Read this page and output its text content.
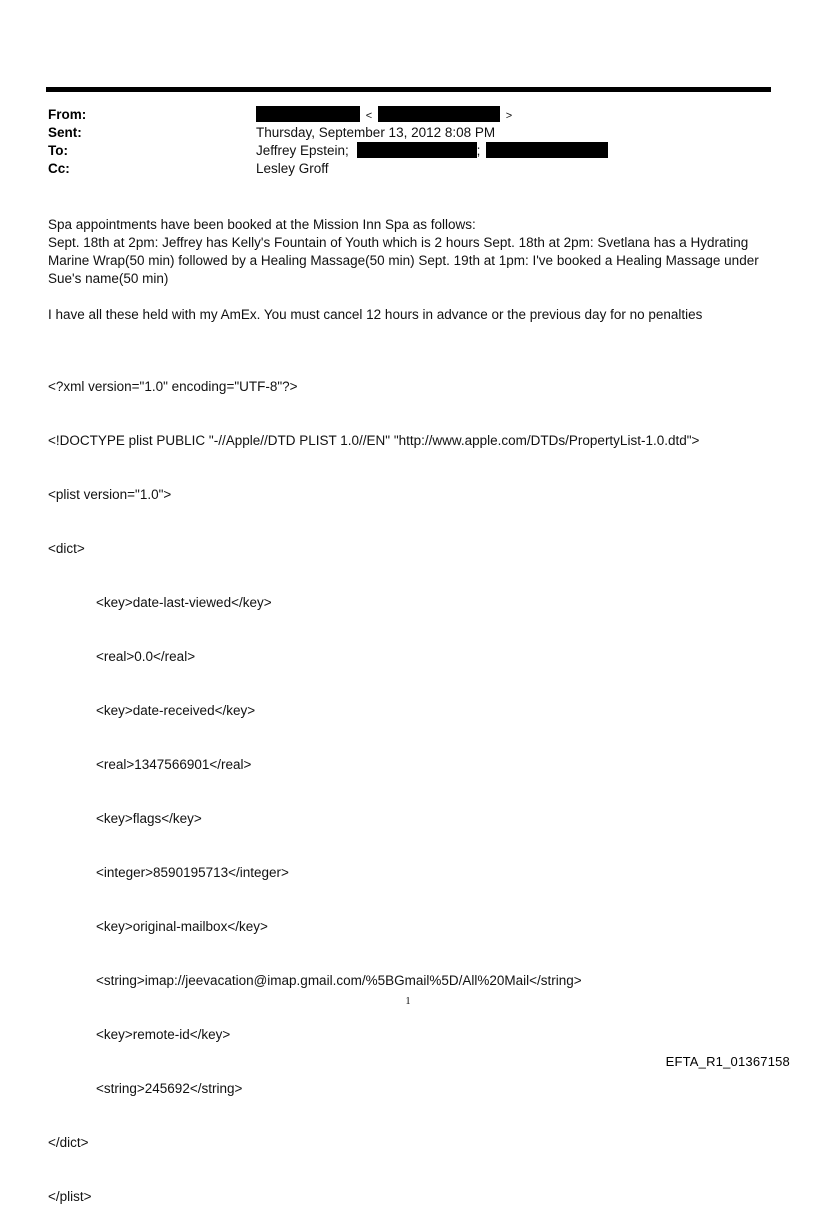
From:
Sent:
To:
Cc:
<	>
Thursday, September 13, 2012 8:08 PM
Jeffrey Epstein;	;
Lesley Groff

Spa appointments have been booked at the Mission Inn Spa as follows:

Sept. 18th at 2pm: Jeffrey has Kelly's Fountain of Youth which is 2 hours Sept. 18th at 2pm: Svetlana has a Hydrating Marine Wrap(50 min) followed by a Healing Massage(50 min) Sept. 19th at 1pm: I've booked a Healing Massage under Sue's name(50 min)

I have all these held with my AmEx. You must cancel 12 hours in advance or the previous day for no penalties

<?xml version="1.0" encoding="UTF-8"?>

<!DOCTYPE plist PUBLIC "-//Apple//DTD PLIST 1.0//EN" "http://www.apple.com/DTDs/PropertyList-1.0.dtd">

<plist version="1.0">

<dict>

<key>date-last-viewed</key>

<real>0.0</real>

<key>date-received</key>

<real>1347566901</real>

<key>flags</key>

<integer>8590195713</integer>

<key>original-mailbox</key>

<string>imap://jeevacation@imap.gmail.com/%5BGmail%5D/All%20Mail</string>

<key>remote-id</key>

<string>245692</string>

</dict>

</plist>

1
EFTA_R1_01367158
